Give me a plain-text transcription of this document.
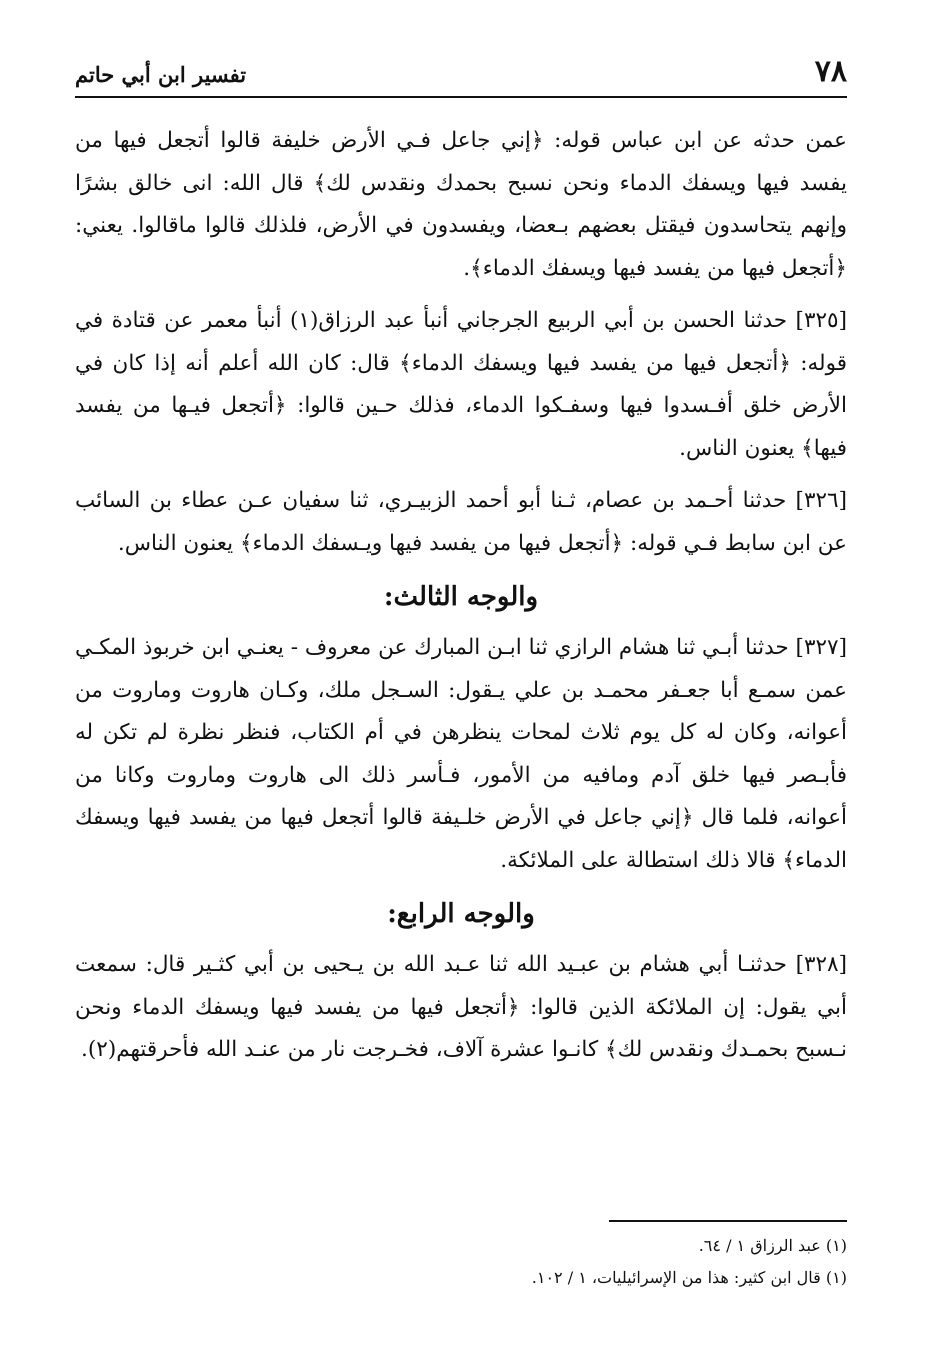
٧٨
تفسير ابن أبي حاتم

عمن حدثه عن ابن عباس قوله: ﴿إني جاعل فـي الأرض خليفة قالوا أتجعل فيها من يفسد فيها ويسفك الدماء ونحن نسبح بحمدك ونقدس لك﴾ قال الله: انى خالق بشرًا وإنهم يتحاسدون فيقتل بعضهم بـعضا، ويفسدون في الأرض، فلذلك قالوا ماقالوا. يعني: ﴿أتجعل فيها من يفسد فيها ويسفك الدماء﴾.

[٣٢٥] حدثنا الحسن بن أبي الربيع الجرجاني أنبأ عبد الرزاق(١) أنبأ معمر عن قتادة في قوله: ﴿أتجعل فيها من يفسد فيها ويسفك الدماء﴾ قال: كان الله أعلم أنه إذا كان في الأرض خلق أفـسدوا فيها وسفـكوا الدماء، فذلك حـين قالوا: ﴿أتجعل فيـها من يفسد فيها﴾ يعنون الناس.

[٣٢٦] حدثنا أحـمد بن عصام، ثـنا أبو أحمد الزبيـري، ثنا سفيان عـن عطاء بن السائب عن ابن سابط فـي قوله: ﴿أتجعل فيها من يفسد فيها ويـسفك الدماء﴾ يعنون الناس.

والوجه الثالث:

[٣٢٧] حدثنا أبـي ثنا هشام الرازي ثنا ابـن المبارك عن معروف - يعنـي ابن خربوذ المكـي عمن سمـع أبا جعـفر محمـد بن علي يـقول: السـجل ملك، وكـان هاروت وماروت من أعوانه، وكان له كل يوم ثلاث لمحات ينظرهن في أم الكتاب، فنظر نظرة لم تكن له فأبـصر فيها خلق آدم ومافيه من الأمور، فـأسر ذلك الى هاروت وماروت وكانا من أعوانه، فلما قال ﴿إني جاعل في الأرض خلـيفة قالوا أتجعل فيها من يفسد فيها ويسفك الدماء﴾ قالا ذلك استطالة على الملائكة.

والوجه الرابع:

[٣٢٨] حدثنـا أبي هشام بن عبـيد الله ثنا عـبد الله بن يـحيى بن أبي كثـير قال: سمعت أبي يقول: إن الملائكة الذين قالوا: ﴿أتجعل فيها من يفسد فيها ويسفك الدماء ونحن نـسبح بحمـدك ونقدس لك﴾ كانـوا عشرة آلاف، فخـرجت نار من عنـد الله فأحرقتهم(٢).

(١) عبد الرزاق ١ / ٦٤.

(١) قال ابن كثير: هذا من الإسرائيليات، ١ / ١٠٢.
